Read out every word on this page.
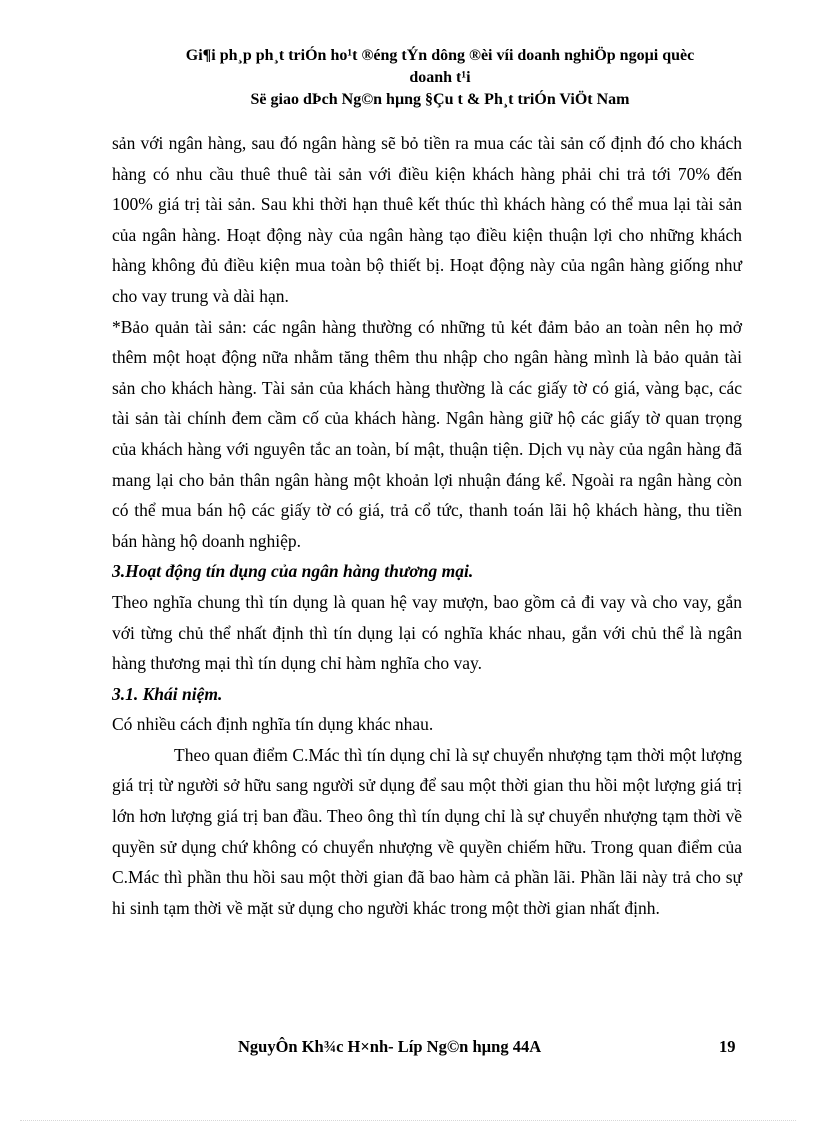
Gi¶i ph¸p ph¸t triÓn ho¹t ®éng tÝn dông ®èi víi doanh nghiÖp ngoµi quèc
doanh t¹i
Së giao dÞch Ng©n hµng §Çu t & Ph¸t triÓn ViÖt Nam

sản với ngân hàng, sau đó ngân hàng sẽ bỏ tiền ra mua các tài sản cố định đó cho khách hàng có nhu cầu thuê thuê tài sản với điều kiện khách hàng phải chi trả tới 70% đến 100% giá trị tài sản. Sau khi thời hạn thuê kết thúc thì khách hàng có thể mua lại tài sản của ngân hàng. Hoạt động này của ngân hàng tạo điều kiện thuận lợi cho những khách hàng không đủ điều kiện mua toàn bộ thiết bị. Hoạt động này của ngân hàng giống như cho vay trung và dài hạn.

*Bảo quản tài sản: các ngân hàng thường có những tủ két đảm bảo an toàn nên họ mở thêm một hoạt động nữa nhằm tăng thêm thu nhập cho ngân hàng mình là bảo quản tài sản cho khách hàng. Tài sản của khách hàng thường là các giấy tờ có giá, vàng bạc, các tài sản tài chính đem cầm cố của khách hàng. Ngân hàng giữ hộ các giấy tờ quan trọng của khách hàng với nguyên tắc an toàn, bí mật, thuận tiện. Dịch vụ này của ngân hàng đã mang lại cho bản thân ngân hàng một khoản lợi nhuận đáng kể. Ngoài ra ngân hàng còn có thể mua bán hộ các giấy tờ có giá, trả cổ tức, thanh toán lãi hộ khách hàng, thu tiền bán hàng hộ doanh nghiệp.

3.Hoạt động tín dụng của ngân hàng thương mại.

Theo nghĩa chung thì tín dụng là quan hệ vay mượn, bao gồm cả đi vay và cho vay, gắn với từng chủ thể nhất định thì tín dụng lại có nghĩa khác nhau, gắn với chủ thể là ngân hàng thương mại thì tín dụng chỉ hàm nghĩa cho vay.

3.1. Khái niệm.

Có nhiều cách định nghĩa tín dụng khác nhau.

Theo quan điểm C.Mác thì tín dụng chỉ là sự chuyển nhượng tạm thời một lượng giá trị từ người sở hữu sang người sử dụng để sau một thời gian thu hồi một lượng giá trị lớn hơn lượng giá trị ban đầu. Theo ông thì tín dụng chỉ là sự chuyển nhượng tạm thời về quyền sử dụng chứ không có chuyển nhượng về quyền chiếm hữu. Trong quan điểm của C.Mác thì phần thu hồi sau một thời gian đã bao hàm cả phần lãi. Phần lãi này trả cho sự hi sinh tạm thời về mặt sử dụng cho người khác trong một thời gian nhất định.

NguyÔn Kh¾c H×nh- Líp Ng©n hµng 44A	19
